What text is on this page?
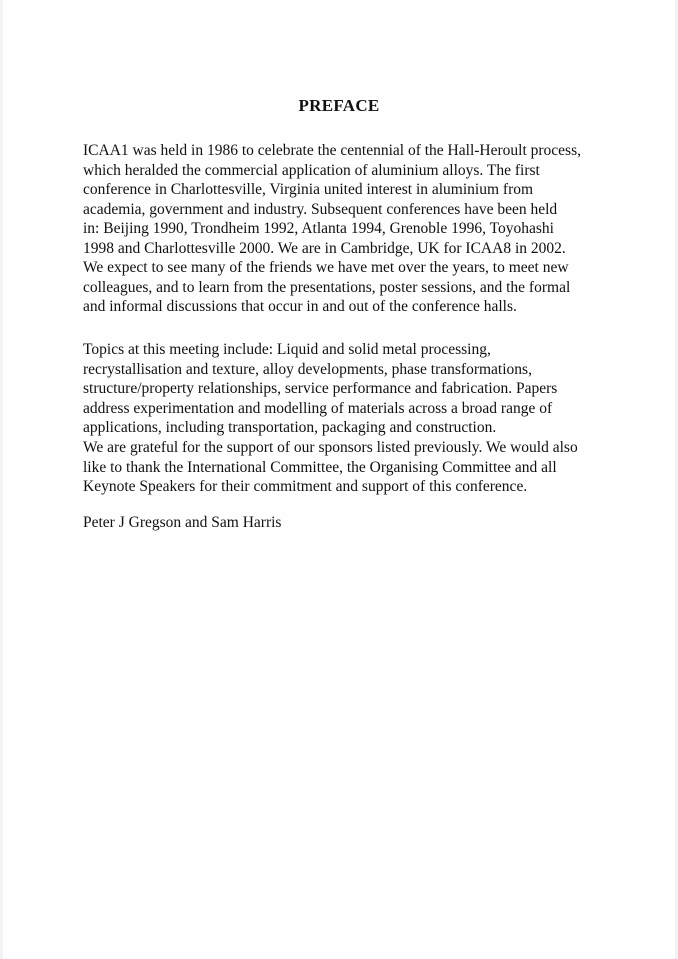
PREFACE

ICAA1 was held in 1986 to celebrate the centennial of the Hall-Heroult process,
which heralded the commercial application of aluminium alloys. The first
conference in Charlottesville, Virginia united interest in aluminium from
academia, government and industry. Subsequent conferences have been held
in: Beijing 1990, Trondheim 1992, Atlanta 1994, Grenoble 1996, Toyohashi
1998 and Charlottesville 2000. We are in Cambridge, UK for ICAA8 in 2002.
We expect to see many of the friends we have met over the years, to meet new
colleagues, and to learn from the presentations, poster sessions, and the formal
and informal discussions that occur in and out of the conference halls.

Topics at this meeting include: Liquid and solid metal processing,
recrystallisation and texture, alloy developments, phase transformations,
structure/property relationships, service performance and fabrication. Papers
address experimentation and modelling of materials across a broad range of
applications, including transportation, packaging and construction.

We are grateful for the support of our sponsors listed previously. We would also
like to thank the International Committee, the Organising Committee and all
Keynote Speakers for their commitment and support of this conference.

Peter J Gregson and Sam Harris
